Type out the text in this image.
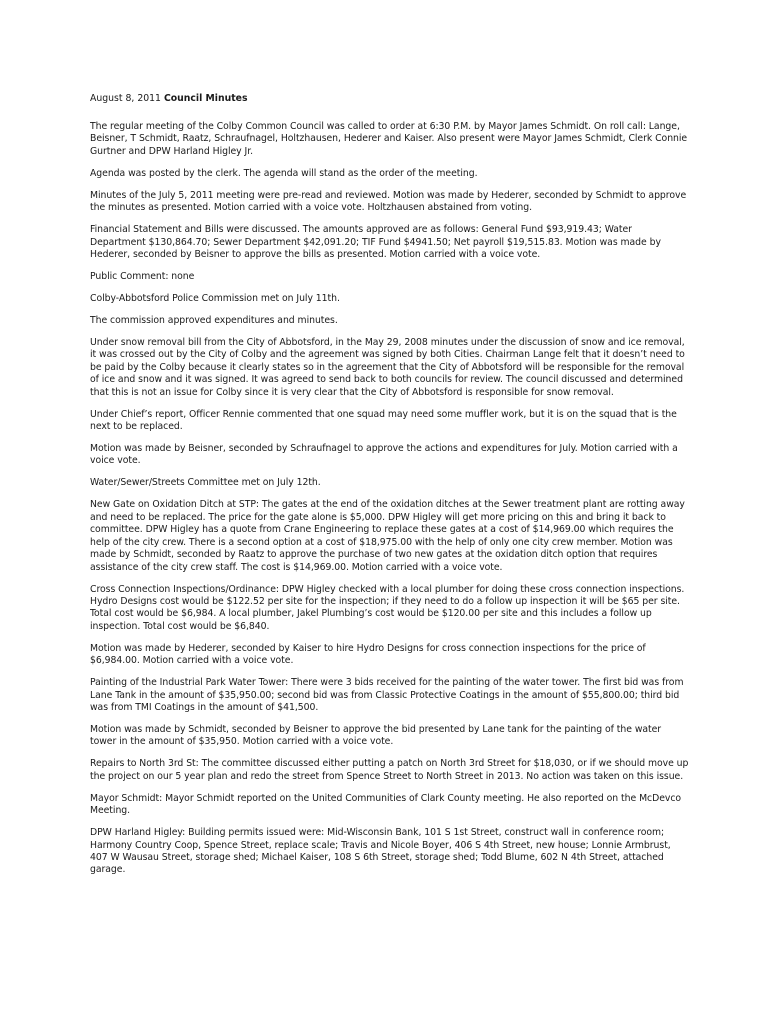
August 8, 2011 Council Minutes

The regular meeting of the Colby Common Council was called to order at 6:30 P.M. by Mayor James Schmidt. On roll call: Lange, Beisner, T Schmidt, Raatz, Schraufnagel, Holtzhausen, Hederer and Kaiser. Also present were Mayor James Schmidt, Clerk Connie Gurtner and DPW Harland Higley Jr.

Agenda was posted by the clerk. The agenda will stand as the order of the meeting.

Minutes of the July 5, 2011 meeting were pre-read and reviewed. Motion was made by Hederer, seconded by Schmidt to approve the minutes as presented. Motion carried with a voice vote. Holtzhausen abstained from voting.

Financial Statement and Bills were discussed. The amounts approved are as follows: General Fund $93,919.43; Water Department $130,864.70; Sewer Department $42,091.20; TIF Fund $4941.50; Net payroll $19,515.83. Motion was made by Hederer, seconded by Beisner to approve the bills as presented. Motion carried with a voice vote.

Public Comment: none

Colby-Abbotsford Police Commission met on July 11th.

The commission approved expenditures and minutes.

Under snow removal bill from the City of Abbotsford, in the May 29, 2008 minutes under the discussion of snow and ice removal, it was crossed out by the City of Colby and the agreement was signed by both Cities. Chairman Lange felt that it doesn’t need to be paid by the Colby because it clearly states so in the agreement that the City of Abbotsford will be responsible for the removal of ice and snow and it was signed. It was agreed to send back to both councils for review. The council discussed and determined that this is not an issue for Colby since it is very clear that the City of Abbotsford is responsible for snow removal.

Under Chief’s report, Officer Rennie commented that one squad may need some muffler work, but it is on the squad that is the next to be replaced.

Motion was made by Beisner, seconded by Schraufnagel to approve the actions and expenditures for July. Motion carried with a voice vote.

Water/Sewer/Streets Committee met on July 12th.

New Gate on Oxidation Ditch at STP: The gates at the end of the oxidation ditches at the Sewer treatment plant are rotting away and need to be replaced. The price for the gate alone is $5,000. DPW Higley will get more pricing on this and bring it back to committee. DPW Higley has a quote from Crane Engineering to replace these gates at a cost of $14,969.00 which requires the help of the city crew. There is a second option at a cost of $18,975.00 with the help of only one city crew member. Motion was made by Schmidt, seconded by Raatz to approve the purchase of two new gates at the oxidation ditch option that requires assistance of the city crew staff. The cost is $14,969.00. Motion carried with a voice vote.

Cross Connection Inspections/Ordinance: DPW Higley checked with a local plumber for doing these cross connection inspections. Hydro Designs cost would be $122.52 per site for the inspection; if they need to do a follow up inspection it will be $65 per site. Total cost would be $6,984. A local plumber, Jakel Plumbing’s cost would be $120.00 per site and this includes a follow up inspection. Total cost would be $6,840.

Motion was made by Hederer, seconded by Kaiser to hire Hydro Designs for cross connection inspections for the price of $6,984.00. Motion carried with a voice vote.

Painting of the Industrial Park Water Tower: There were 3 bids received for the painting of the water tower. The first bid was from Lane Tank in the amount of $35,950.00; second bid was from Classic Protective Coatings in the amount of $55,800.00; third bid was from TMI Coatings in the amount of $41,500.

Motion was made by Schmidt, seconded by Beisner to approve the bid presented by Lane tank for the painting of the water tower in the amount of $35,950. Motion carried with a voice vote.

Repairs to North 3rd St: The committee discussed either putting a patch on North 3rd Street for $18,030, or if we should move up the project on our 5 year plan and redo the street from Spence Street to North Street in 2013. No action was taken on this issue.

Mayor Schmidt: Mayor Schmidt reported on the United Communities of Clark County meeting. He also reported on the McDevco Meeting.

DPW Harland Higley: Building permits issued were: Mid-Wisconsin Bank, 101 S 1st Street, construct wall in conference room; Harmony Country Coop, Spence Street, replace scale; Travis and Nicole Boyer, 406 S 4th Street, new house; Lonnie Armbrust, 407 W Wausau Street, storage shed; Michael Kaiser, 108 S 6th Street, storage shed; Todd Blume, 602 N 4th Street, attached garage.
